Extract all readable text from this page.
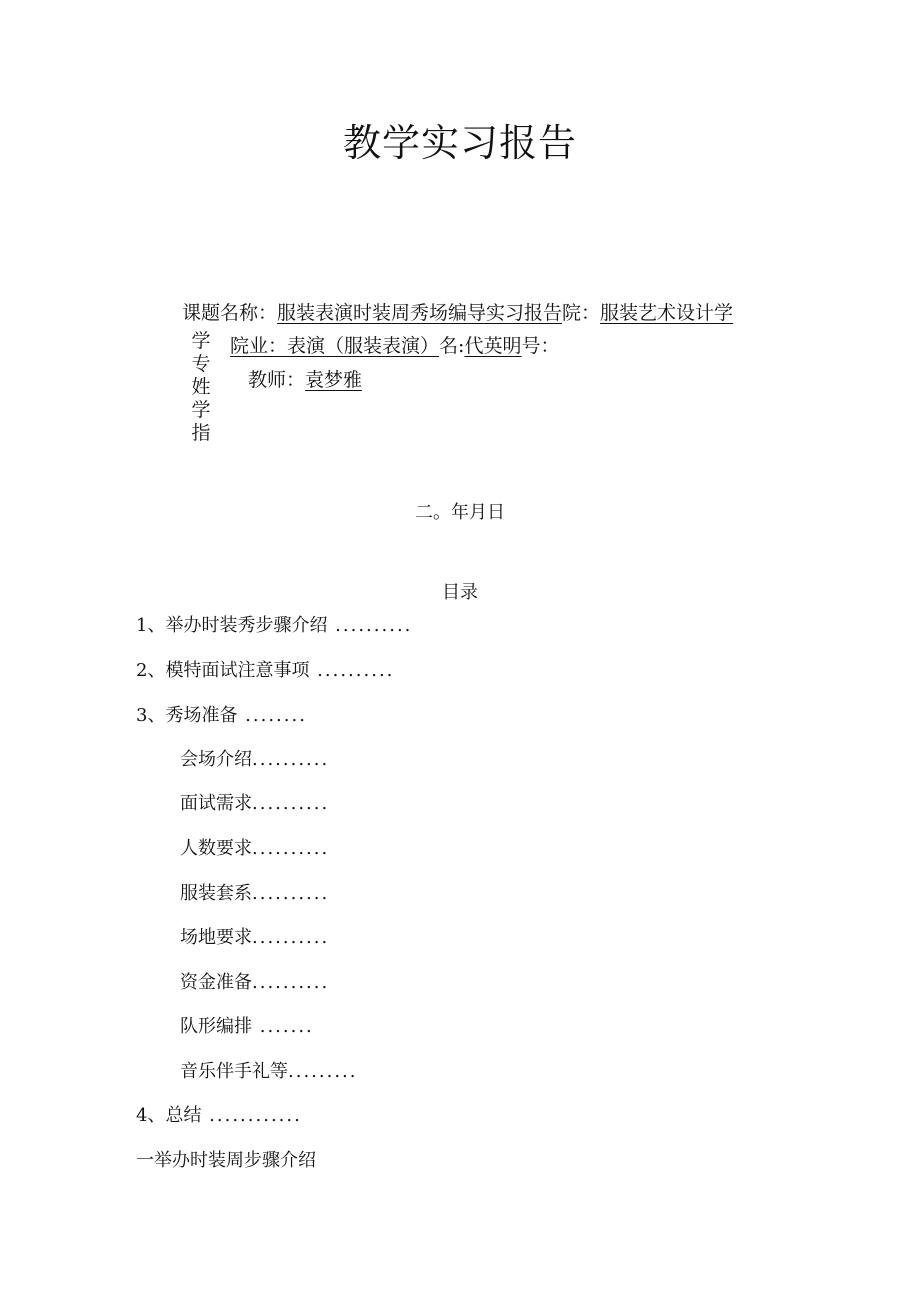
教学实习报告
课题名称：服装表演时装周秀场编导实习报告院：服装艺术设计学
学
专
姓
学
指
院业：表演（服装表演）名:代英明号：
教师：袁梦雅
二。年月日
目录
1、举办时装秀步骤介绍 ..........
2、模特面试注意事项 ..........
3、秀场准备 ........
会场介绍..........
面试需求..........
人数要求..........
服装套系..........
场地要求..........
资金准备..........
队形编排 .......
音乐伴手礼等.........
4、总结 ............
一举办时装周步骤介绍
